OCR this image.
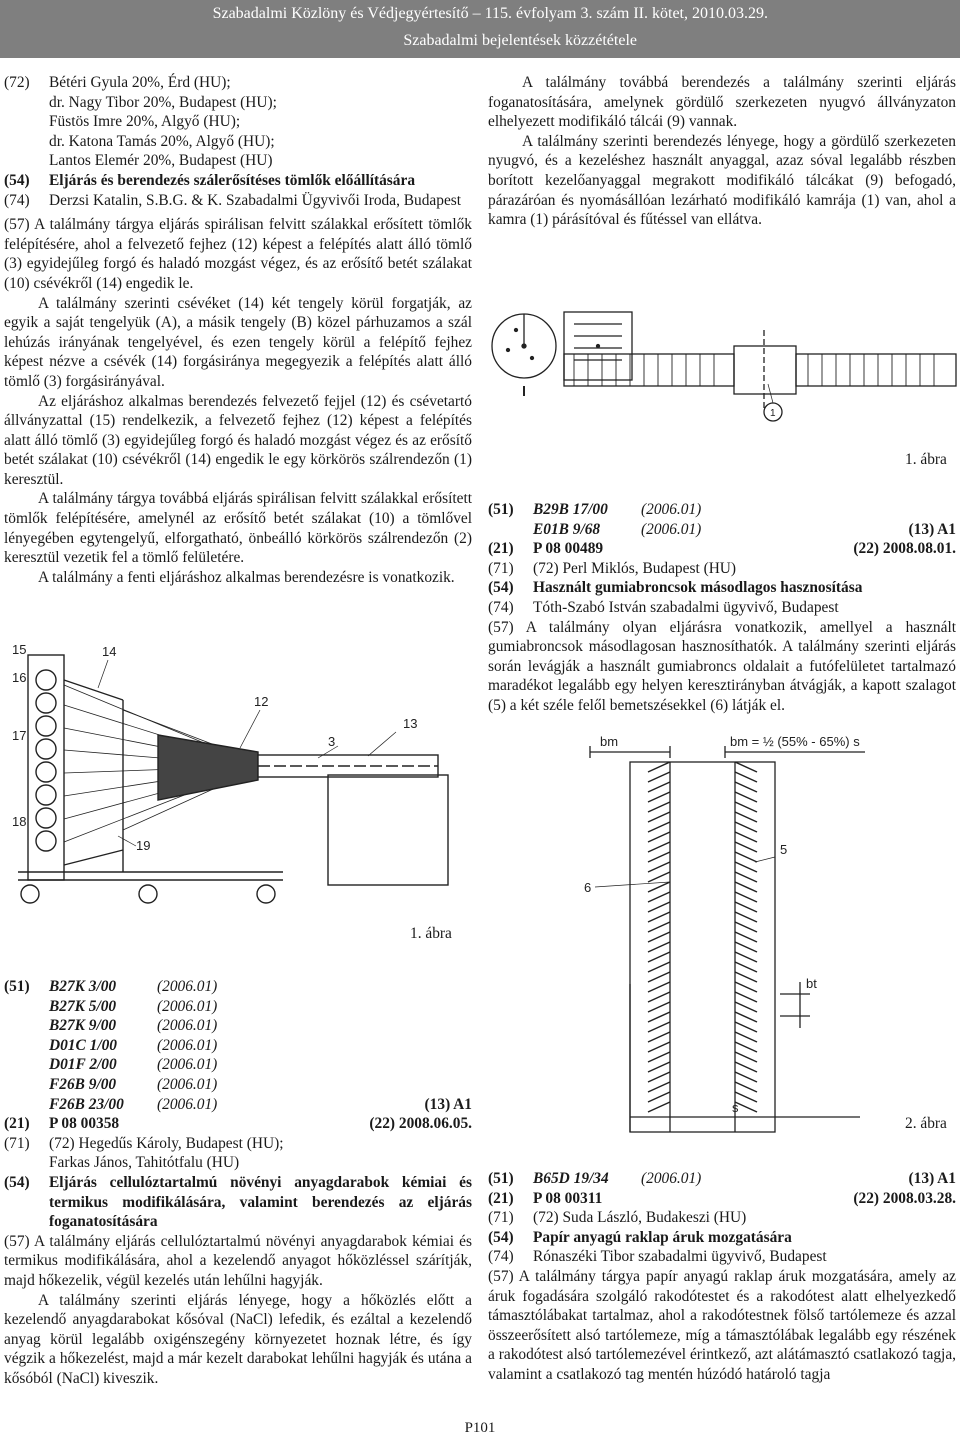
Szabadalmi Közlöny és Védjegyértesítő – 115. évfolyam 3. szám II. kötet, 2010.03.29.
Szabadalmi bejelentések közzététele
(72)	Bétéri Gyula 20%, Érd (HU);
dr. Nagy Tibor 20%, Budapest (HU);
Füstös Imre 20%, Algyő (HU);
dr. Katona Tamás 20%, Algyő (HU);
Lantos Elemér 20%, Budapest (HU)
(54)	Eljárás és berendezés szálerősítéses tömlők előállítására
(74)	Derzsi Katalin, S.B.G. & K. Szabadalmi Ügyvivői Iroda, Budapest

(57) A találmány tárgya eljárás spirálisan felvitt szálakkal erősített tömlők felépítésére, ahol a felvezető fejhez (12) képest a felépítés alatt álló tömlő (3) egyidejűleg forgó és haladó mozgást végez, és az erősítő betét szálakat (10) csévékről (14) engedik le.

A találmány szerinti csévéket (14) két tengely körül forgatják, az egyik a saját tengelyük (A), a másik tengely (B) közel párhuzamos a szál lehúzás irányának tengelyével, és ezen tengely körül a felépítő fejhez képest nézve a csévék (14) forgásiránya megegyezik a felépítés alatt álló tömlő (3) forgásirányával.

Az eljáráshoz alkalmas berendezés felvezető fejjel (12) és csévetartó állványzattal (15) rendelkezik, a felvezető fejhez (12) képest a felépítés alatt álló tömlő (3) egyidejűleg forgó és haladó mozgást végez és az erősítő betét szálakat (10) csévékről (14) engedik le egy körkörös szálrendezőn (1) keresztül.

A találmány tárgya továbbá eljárás spirálisan felvitt szálakkal erősített tömlők felépítésére, amelynél az erősítő betét szálakat (10) a tömlővel lényegében egytengelyű, elforgatható, önbeálló körkörös szálrendezőn (2) keresztül vezetik fel a tömlő felületére.

A találmány a fenti eljáráshoz alkalmas berendezésre is vonatkozik.

15	14
16
12
17	3
13
18
19
1. ábra
(51)	B27K 3/00	(2006.01)
B27K 5/00	(2006.01)
B27K 9/00	(2006.01)
D01C 1/00	(2006.01)
D01F 2/00	(2006.01)
F26B 9/00	(2006.01)
F26B 23/00	(2006.01)	(13) A1
(21)	P 08 00358	(22) 2008.06.05.
(71)	(72) Hegedűs Károly, Budapest (HU);
Farkas János, Tahitótfalu (HU)
(54)	Eljárás cellulóztartalmú növényi anyagdarabok kémiai és termikus modifikálására, valamint berendezés az eljárás foganatosítására

(57) A találmány eljárás cellulóztartalmú növényi anyagdarabok kémiai és termikus modifikálására, ahol a kezelendő anyagot hőközléssel szárítják, majd hőkezelik, végül kezelés után lehűlni hagyják.

A találmány szerinti eljárás lényege, hogy a hőközlés előtt a kezelendő anyagdarabokat kősóval (NaCl) lefedik, és ezáltal a kezelendő anyag körül legalább oxigénszegény környezetet hoznak létre, és így végzik a hőkezelést, majd a már kezelt darabokat lehűlni hagyják és utána a kősóból (NaCl) kiveszik.

A találmány továbbá berendezés a találmány szerinti eljárás foganatosítására, amelynek gördülő szerkezeten nyugvó állványzaton elhelyezett modifikáló tálcái (9) vannak.

A találmány szerinti berendezés lényege, hogy a gördülő szerkezeten nyugvó, és a kezeléshez használt anyaggal, azaz sóval legalább részben borított kezelőanyaggal megrakott modifikáló tálcákat (9) befogadó, párazáróan és nyomásállóan lezárható modifikáló kamrája (1) van, ahol a kamra (1) párásítóval és fűtéssel van ellátva.

1
1. ábra
(51)	B29B 17/00	(2006.01)
E01B 9/68	(2006.01)	(13) A1
(21)	P 08 00489	(22) 2008.08.01.
(71)	(72) Perl Miklós, Budapest (HU)
(54)	Használt gumiabroncsok másodlagos hasznosítása
(74)	Tóth-Szabó István szabadalmi ügyvivő, Budapest

(57) A találmány olyan eljárásra vonatkozik, amellyel a használt gumiabroncsok másodlagosan hasznosíthatók. A találmány szerinti eljárás során levágják a használt gumiabroncs oldalait a futófelületet tartalmazó maradékot legalább egy helyen keresztirányban átvágják, a kapott szalagot (5) a két széle felől bemetszésekkel (6) látják el.

bm	bm = ½ (55% - 65%) s
5
6
bt
s
2. ábra
(51)	B65D 19/34	(2006.01)	(13) A1
(21)	P 08 00311	(22) 2008.03.28.
(71)	(72) Suda László, Budakeszi (HU)
(54)	Papír anyagú raklap áruk mozgatására
(74)	Rónaszéki Tibor szabadalmi ügyvivő, Budapest

(57) A találmány tárgya papír anyagú raklap áruk mozgatására, amely az áruk fogadására szolgáló rakodótestet és a rakodótest alatt elhelyezkedő támasztólábakat tartalmaz, ahol a rakodótestnek fölső tartólemeze és azzal összeerősített alsó tartólemeze, míg a támasztólábak legalább egy részének a rakodótest alsó tartólemezével érintkező, azt alátámasztó csatlakozó tagja, valamint a csatlakozó tag mentén húzódó határoló tagja

P101
